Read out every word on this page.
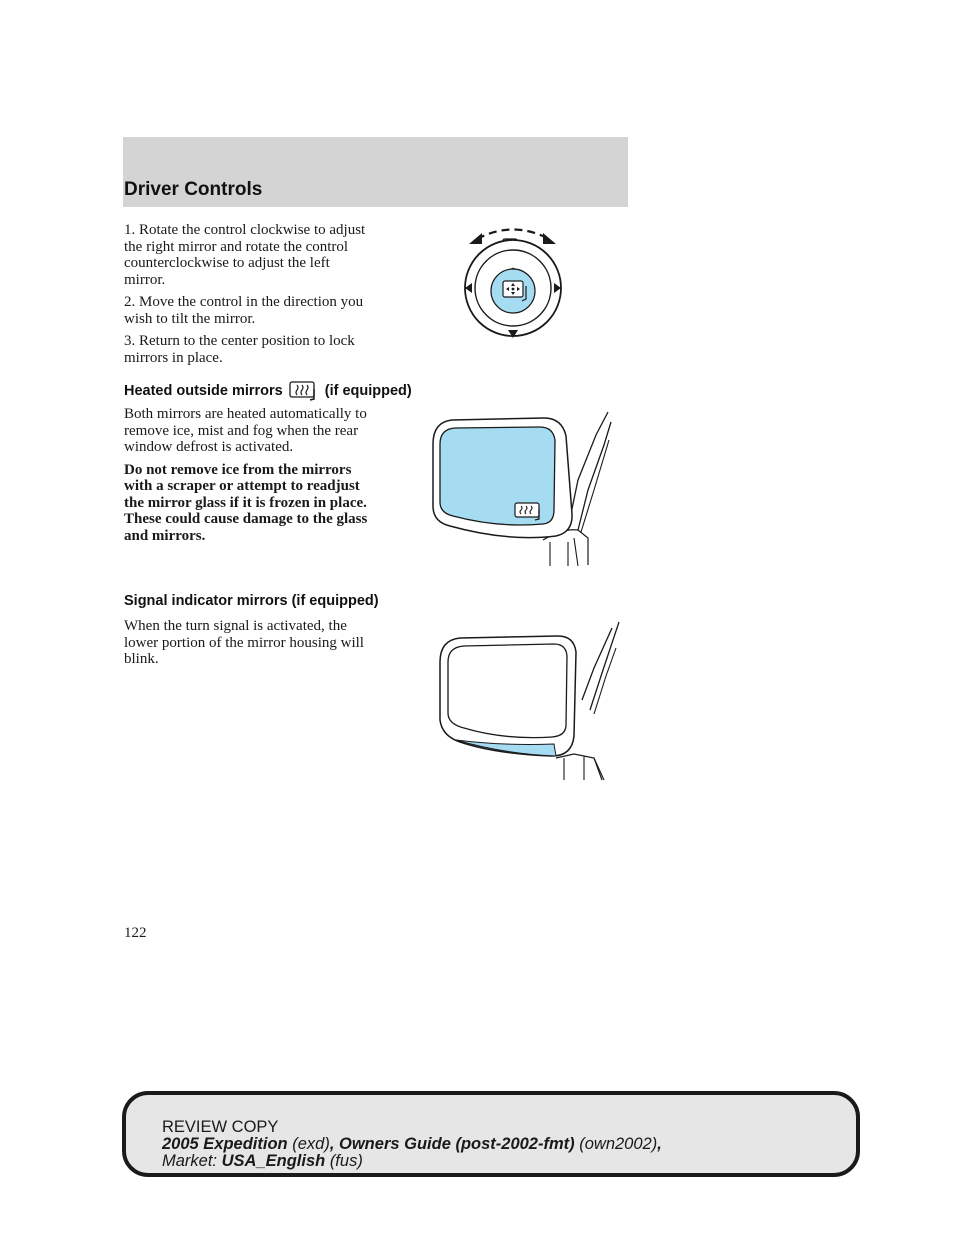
Driver Controls

1. Rotate the control clockwise to adjust the right mirror and rotate the control counterclockwise to adjust the left mirror.

2. Move the control in the direction you wish to tilt the mirror.

3. Return to the center position to lock mirrors in place.

Heated outside mirrors	(if equipped)

Both mirrors are heated automatically to remove ice, mist and fog when the rear window defrost is activated.

Do not remove ice from the mirrors with a scraper or attempt to readjust the mirror glass if it is frozen in place. These could cause damage to the glass and mirrors.

Signal indicator mirrors (if equipped)

When the turn signal is activated, the lower portion of the mirror housing will blink.

122
REVIEW COPY
2005 Expedition (exd), Owners Guide (post-2002-fmt) (own2002),
Market: USA_English (fus)
